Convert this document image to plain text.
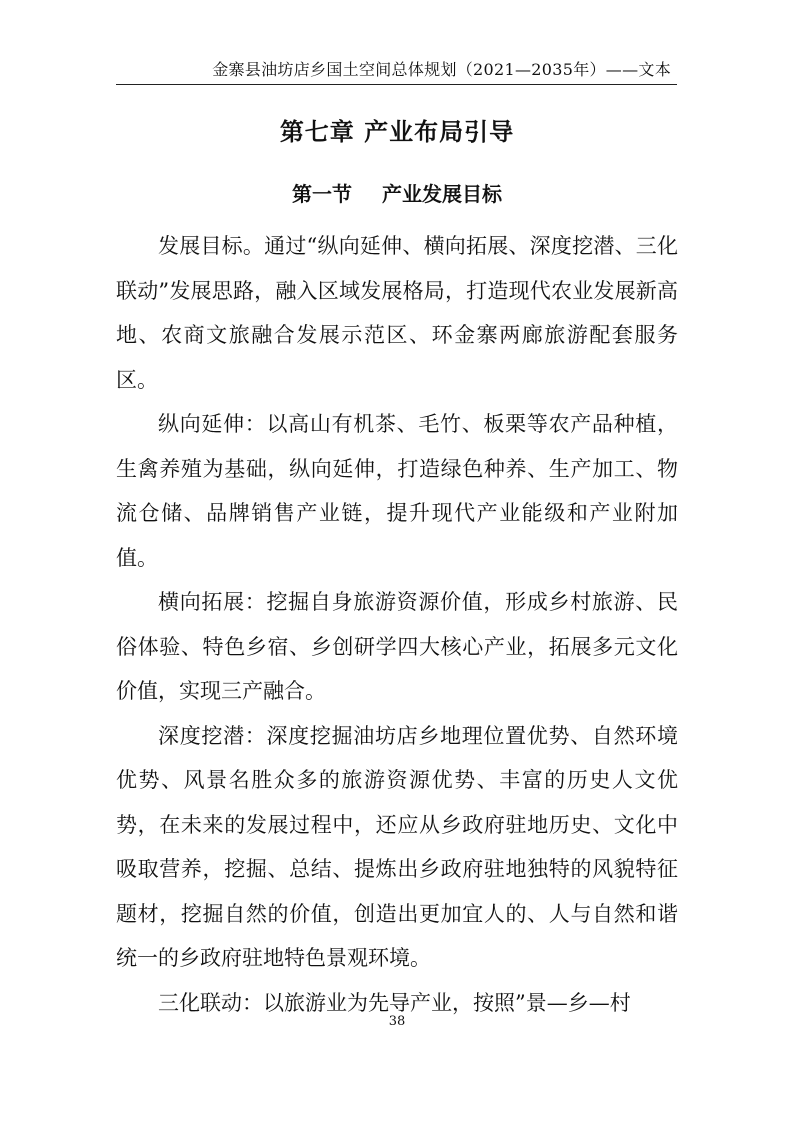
金寨县油坊店乡国土空间总体规划（2021—2035年）——文本
第七章 产业布局引导
第一节 产业发展目标

发展目标。通过“纵向延伸、横向拓展、深度挖潜、三化联动”发展思路，融入区域发展格局，打造现代农业发展新高地、农商文旅融合发展示范区、环金寨两廊旅游配套服务区。

纵向延伸：以高山有机茶、毛竹、板栗等农产品种植，生禽养殖为基础，纵向延伸，打造绿色种养、生产加工、物流仓储、品牌销售产业链，提升现代产业能级和产业附加值。

横向拓展：挖掘自身旅游资源价值，形成乡村旅游、民俗体验、特色乡宿、乡创研学四大核心产业，拓展多元文化价值，实现三产融合。

深度挖潜：深度挖掘油坊店乡地理位置优势、自然环境优势、风景名胜众多的旅游资源优势、丰富的历史人文优势，在未来的发展过程中，还应从乡政府驻地历史、文化中吸取营养，挖掘、总结、提炼出乡政府驻地独特的风貌特征题材，挖掘自然的价值，创造出更加宜人的、人与自然和谐统一的乡政府驻地特色景观环境。

三化联动：以旅游业为先导产业，按照”景—乡—村

38
